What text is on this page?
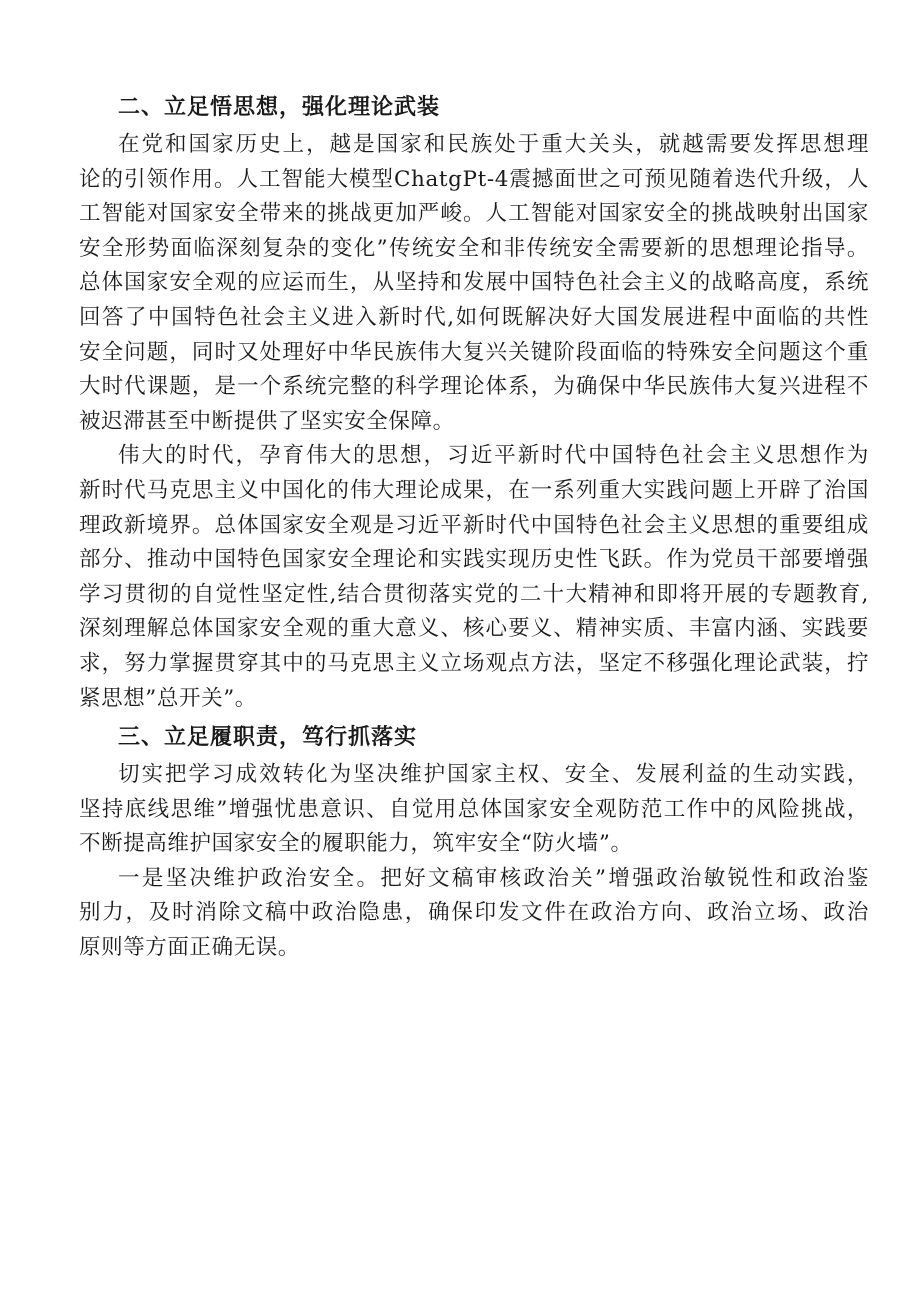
二、立足悟思想，强化理论武装
在党和国家历史上，越是国家和民族处于重大关头，就越需要发挥思想理
论的引领作用。人工智能大模型ChatgPt-4震撼面世之可预见随着迭代升级，人
工智能对国家安全带来的挑战更加严峻。人工智能对国家安全的挑战映射出国家
安全形势面临深刻复杂的变化”传统安全和非传统安全需要新的思想理论指导。
总体国家安全观的应运而生，从坚持和发展中国特色社会主义的战略高度，系统
回答了中国特色社会主义进入新时代,如何既解决好大国发展进程中面临的共性
安全问题，同时又处理好中华民族伟大复兴关键阶段面临的特殊安全问题这个重
大时代课题，是一个系统完整的科学理论体系，为确保中华民族伟大复兴进程不
被迟滞甚至中断提供了坚实安全保障。
伟大的时代，孕育伟大的思想，习近平新时代中国特色社会主义思想作为
新时代马克思主义中国化的伟大理论成果，在一系列重大实践问题上开辟了治国
理政新境界。总体国家安全观是习近平新时代中国特色社会主义思想的重要组成
部分、推动中国特色国家安全理论和实践实现历史性飞跃。作为党员干部要增强
学习贯彻的自觉性坚定性,结合贯彻落实党的二十大精神和即将开展的专题教育,
深刻理解总体国家安全观的重大意义、核心要义、精神实质、丰富内涵、实践要
求，努力掌握贯穿其中的马克思主义立场观点方法，坚定不移强化理论武装，拧
紧思想”总开关”。
三、立足履职责，笃行抓落实
切实把学习成效转化为坚决维护国家主权、安全、发展利益的生动实践，
坚持底线思维”增强忧患意识、自觉用总体国家安全观防范工作中的风险挑战，
不断提高维护国家安全的履职能力，筑牢安全“防火墙”。
一是坚决维护政治安全。把好文稿审核政治关”增强政治敏锐性和政治鉴
别力，及时消除文稿中政治隐患，确保印发文件在政治方向、政治立场、政治
原则等方面正确无误。
